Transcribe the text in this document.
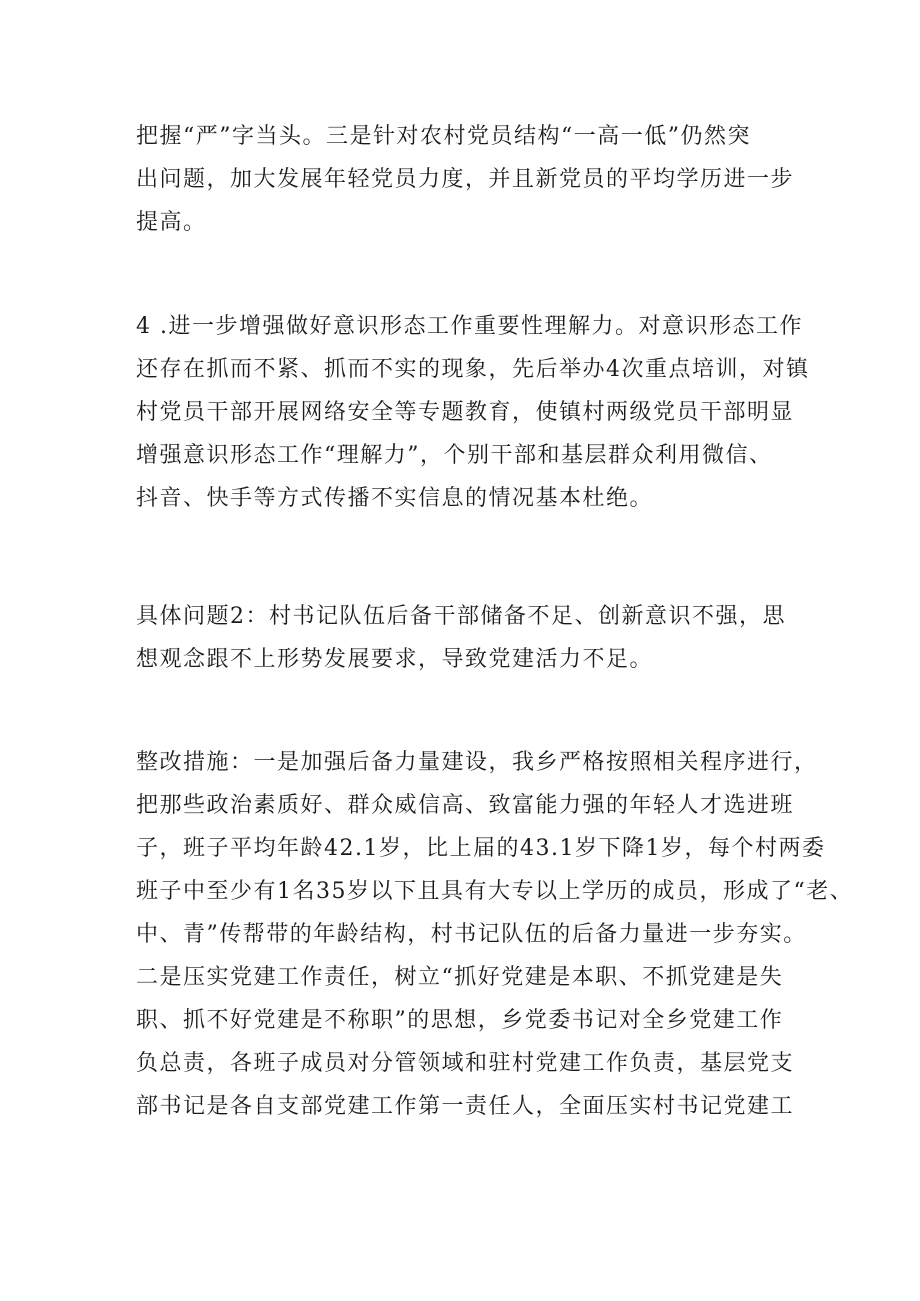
把握“严”字当头。三是针对农村党员结构“一高一低”仍然突
出问题，加大发展年轻党员力度，并且新党员的平均学历进一步
提高。
4 .进一步增强做好意识形态工作重要性理解力。对意识形态工作
还存在抓而不紧、抓而不实的现象，先后举办4次重点培训，对镇
村党员干部开展网络安全等专题教育，使镇村两级党员干部明显
增强意识形态工作“理解力”，个别干部和基层群众利用微信、
抖音、快手等方式传播不实信息的情况基本杜绝。
具体问题2：村书记队伍后备干部储备不足、创新意识不强，思
想观念跟不上形势发展要求，导致党建活力不足。
整改措施：一是加强后备力量建设，我乡严格按照相关程序进行，
把那些政治素质好、群众威信高、致富能力强的年轻人才选进班
子，班子平均年龄42.1岁，比上届的43.1岁下降1岁，每个村两委
班子中至少有1名35岁以下且具有大专以上学历的成员，形成了“老、
中、青”传帮带的年龄结构，村书记队伍的后备力量进一步夯实。
二是压实党建工作责任，树立“抓好党建是本职、不抓党建是失
职、抓不好党建是不称职”的思想，乡党委书记对全乡党建工作
负总责，各班子成员对分管领域和驻村党建工作负责，基层党支
部书记是各自支部党建工作第一责任人，全面压实村书记党建工
